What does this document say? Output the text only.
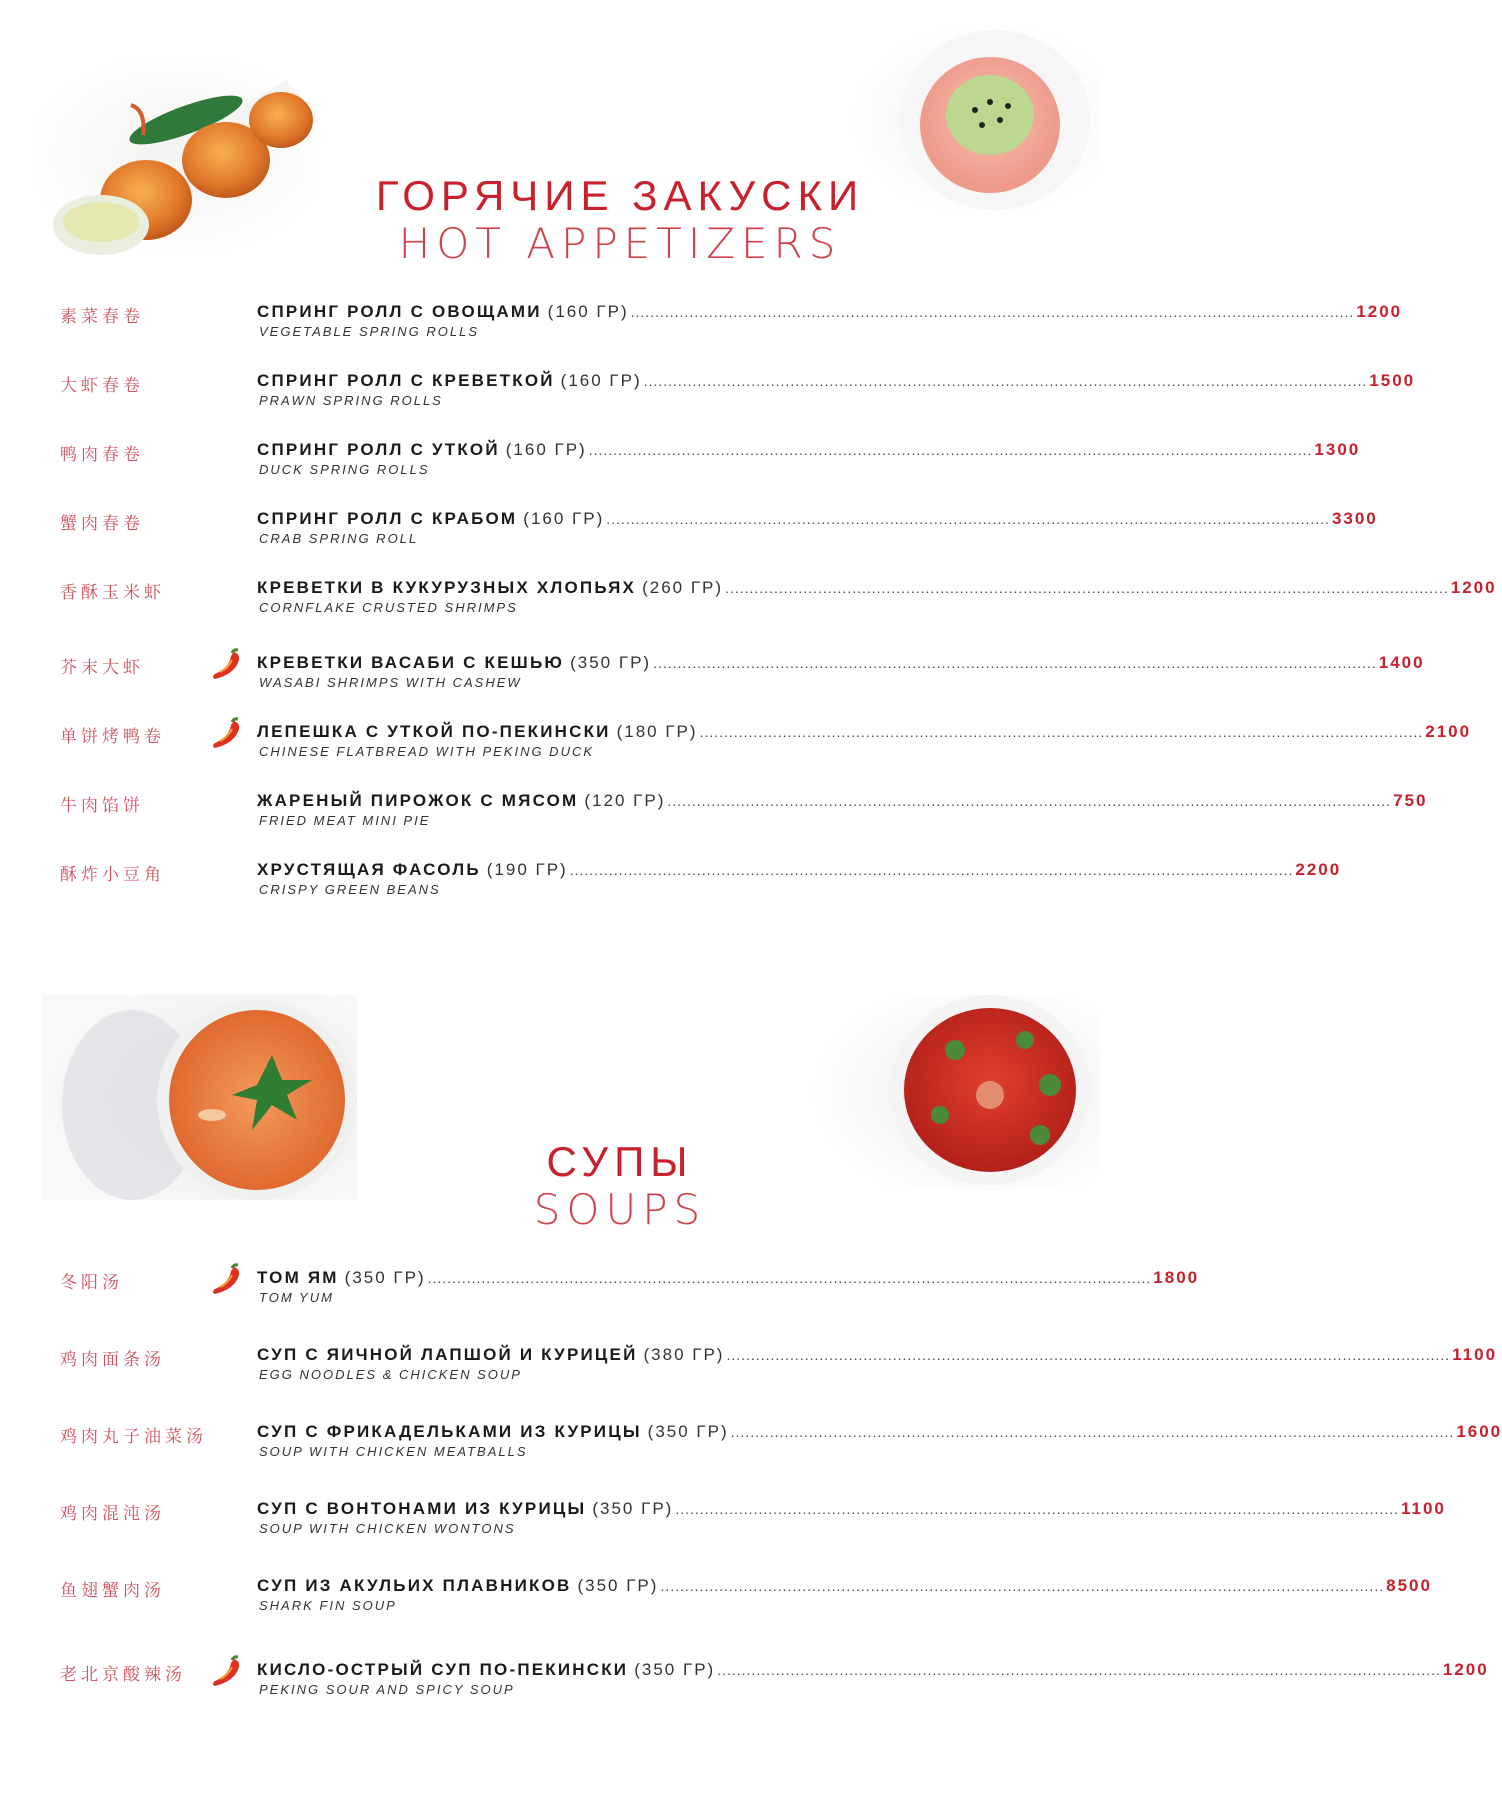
ГОРЯЧИЕ ЗАКУСКИ
HOT APPETIZERS
СУПЫ
SOUPS
素菜春卷	СПРИНГ РОЛЛ С ОВОЩАМИ (160 ГР) .................................................................................................................................................... 1200
VEGETABLE SPRING ROLLS
大虾春卷	СПРИНГ РОЛЛ С КРЕВЕТКОЙ (160 ГР) .................................................................................................................................................... 1500
PRAWN SPRING ROLLS
鸭肉春卷	СПРИНГ РОЛЛ С УТКОЙ (160 ГР) .................................................................................................................................................... 1300
DUCK SPRING ROLLS
蟹肉春卷	СПРИНГ РОЛЛ С КРАБОМ (160 ГР) .................................................................................................................................................... 3300
CRAB SPRING ROLL
香酥玉米虾	КРЕВЕТКИ В КУКУРУЗНЫХ ХЛОПЬЯХ (260 ГР) .................................................................................................................................................... 1200
CORNFLAKE CRUSTED SHRIMPS
芥末大虾	КРЕВЕТКИ ВАСАБИ С КЕШЬЮ (350 ГР) .................................................................................................................................................... 1400
WASABI SHRIMPS WITH CASHEW
单饼烤鸭卷	ЛЕПЕШКА С УТКОЙ ПО-ПЕКИНСКИ (180 ГР) .................................................................................................................................................... 2100
CHINESE FLATBREAD WITH PEKING DUCK
牛肉馅饼	ЖАРЕНЫЙ ПИРОЖОК С МЯСОМ (120 ГР) .................................................................................................................................................... 750
FRIED MEAT MINI PIE
酥炸小豆角	ХРУСТЯЩАЯ ФАСОЛЬ (190 ГР) .................................................................................................................................................... 2200
CRISPY GREEN BEANS
冬阳汤	ТОМ ЯМ (350 ГР) .................................................................................................................................................... 1800
TOM YUM
鸡肉面条汤	СУП С ЯИЧНОЙ ЛАПШОЙ И КУРИЦЕЙ (380 ГР) .................................................................................................................................................... 1100
EGG NOODLES & CHICKEN SOUP
鸡肉丸子油菜汤	СУП С ФРИКАДЕЛЬКАМИ ИЗ КУРИЦЫ (350 ГР) .................................................................................................................................................... 1600
SOUP WITH CHICKEN MEATBALLS
鸡肉混沌汤	СУП С ВОНТОНАМИ ИЗ КУРИЦЫ (350 ГР) .................................................................................................................................................... 1100
SOUP WITH CHICKEN WONTONS
鱼翅蟹肉汤	СУП ИЗ АКУЛЬИХ ПЛАВНИКОВ (350 ГР) .................................................................................................................................................... 8500
SHARK FIN SOUP
老北京酸辣汤	КИСЛО-ОСТРЫЙ СУП ПО-ПЕКИНСКИ (350 ГР) .................................................................................................................................................... 1200
PEKING SOUR AND SPICY SOUP
